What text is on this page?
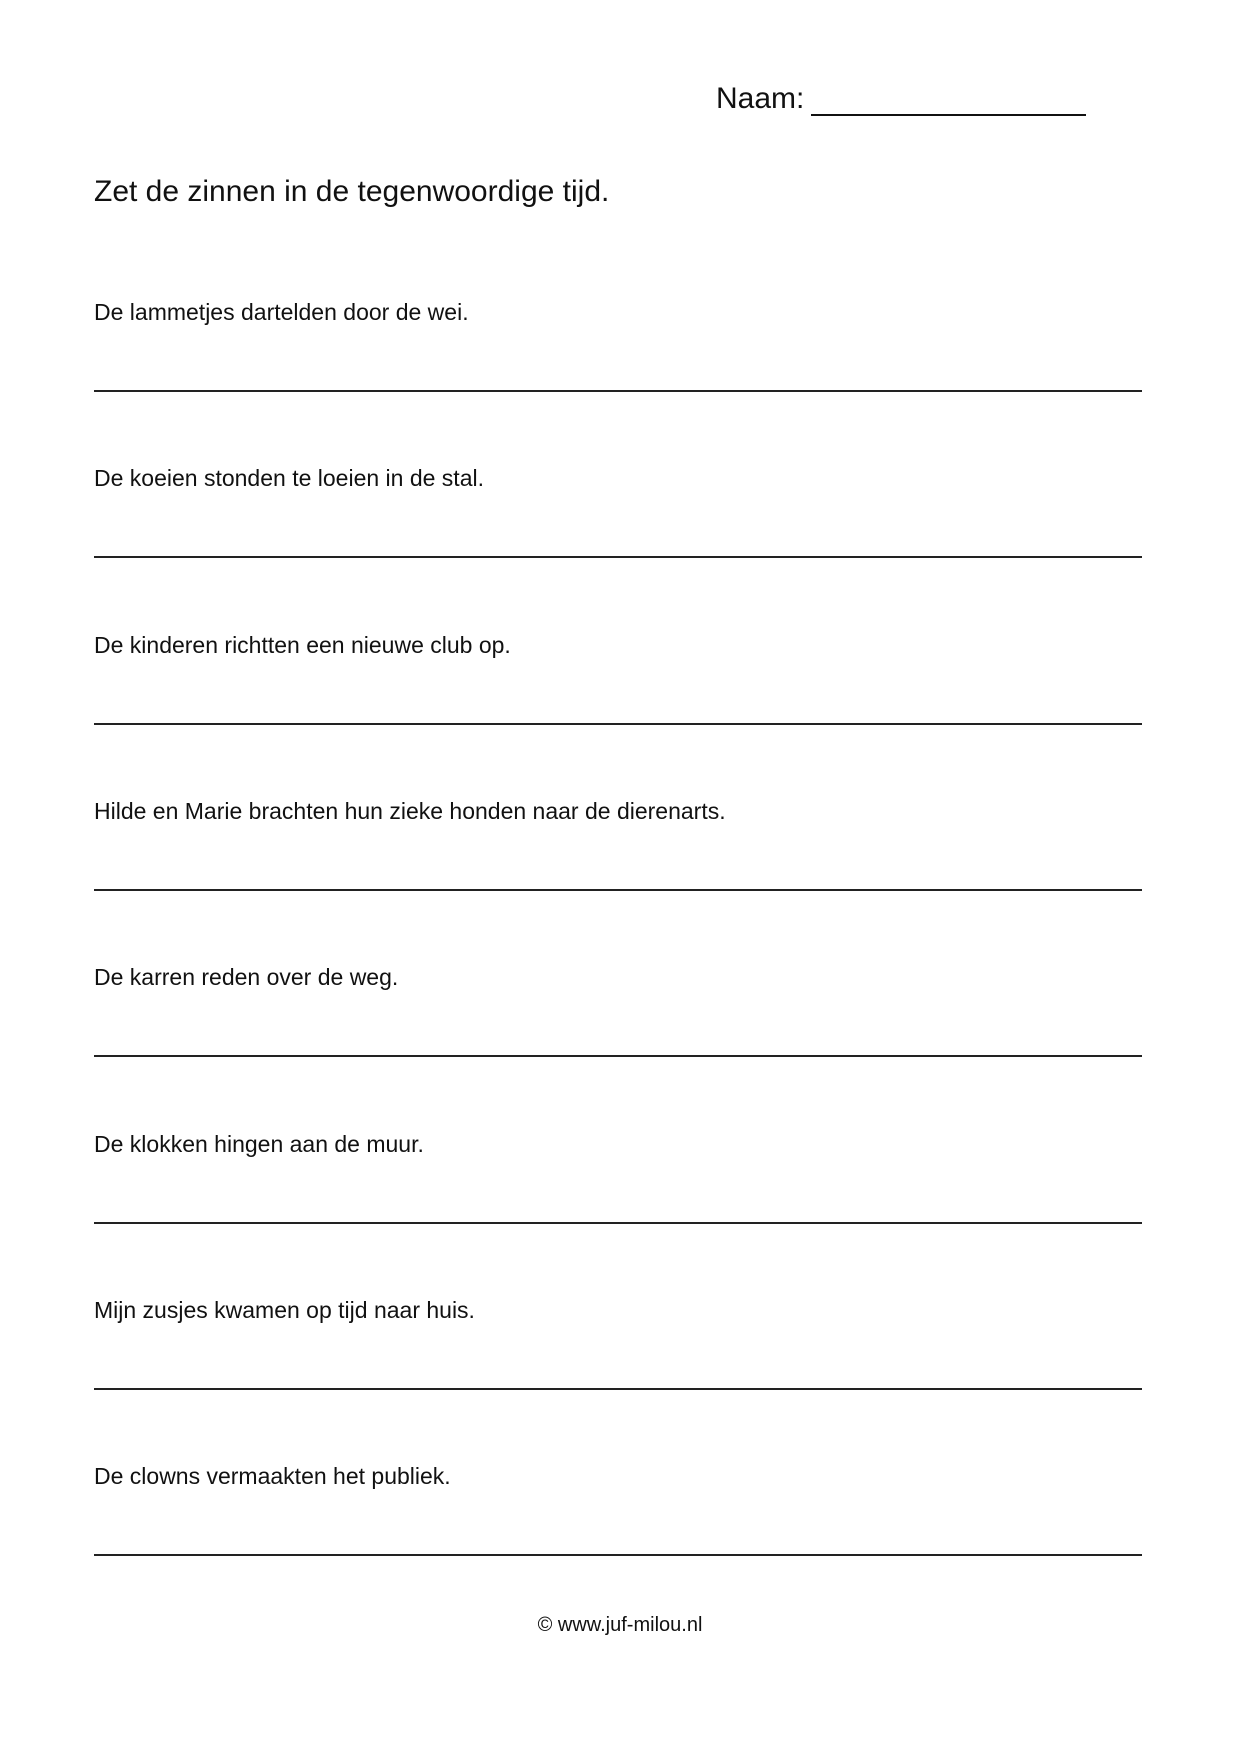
Naam:
Zet de zinnen in de tegenwoordige tijd.
De lammetjes dartelden door de wei.
De koeien stonden te loeien in de stal.
De kinderen richtten een nieuwe club op.
Hilde en Marie brachten hun zieke honden naar de dierenarts.
De karren reden over de weg.
De klokken hingen aan de muur.
Mijn zusjes kwamen op tijd naar huis.
De clowns vermaakten het publiek.
© www.juf-milou.nl
